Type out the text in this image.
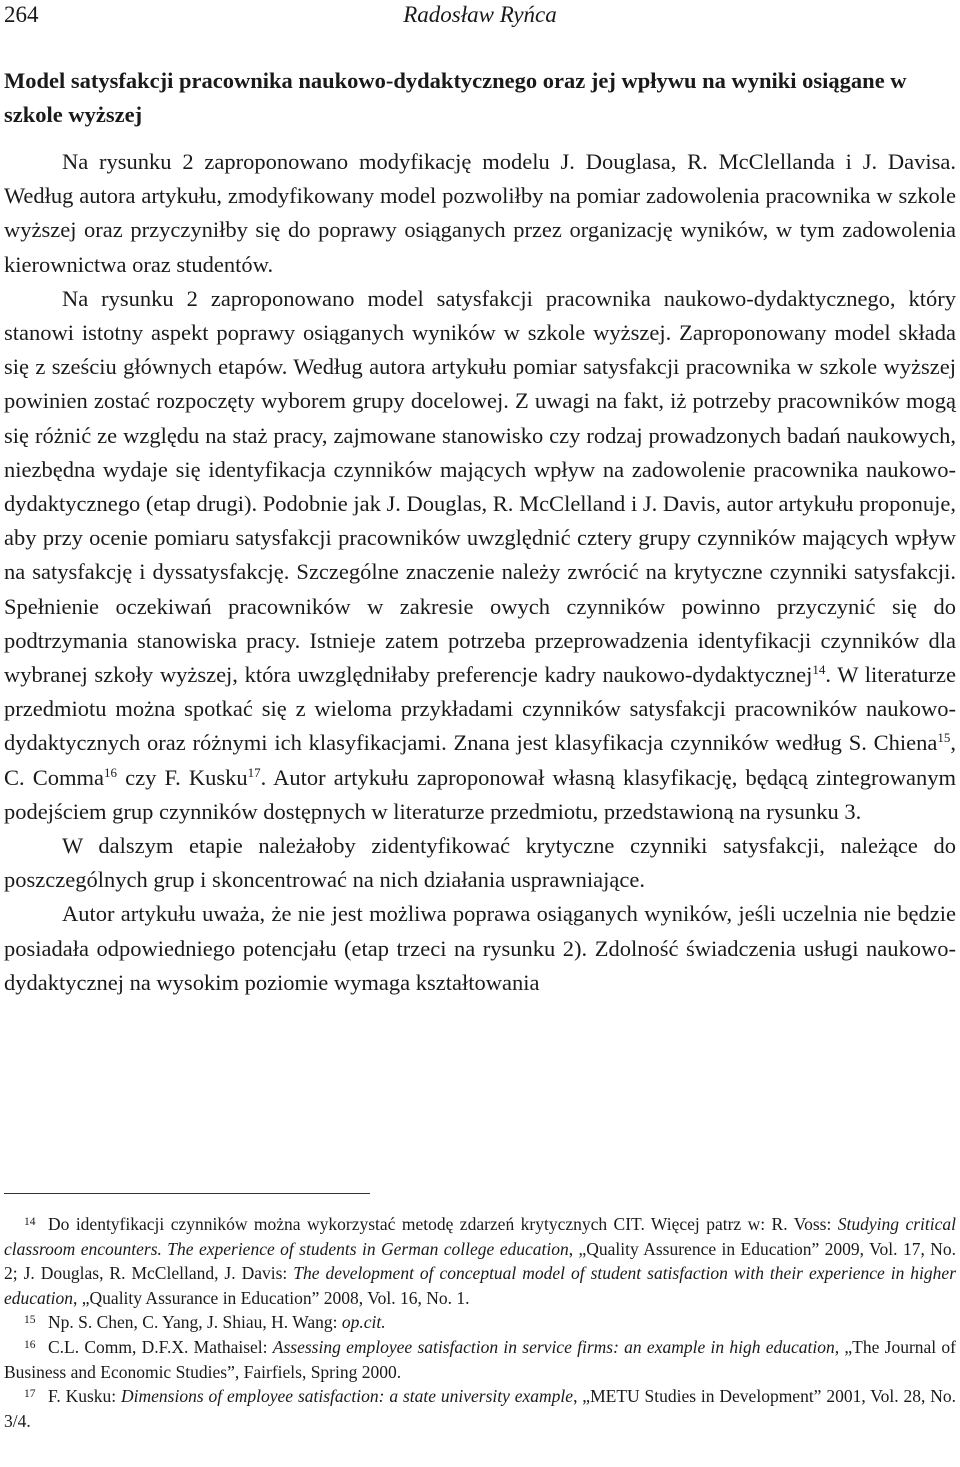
264	Radosław Ryńca
Model satysfakcji pracownika naukowo-dydaktycznego oraz jej wpływu na wyniki osiągane w szkole wyższej

Na rysunku 2 zaproponowano modyfikację modelu J. Douglasa, R. McClellanda i J. Davisa. Według autora artykułu, zmodyfikowany model pozwoliłby na pomiar zadowolenia pracownika w szkole wyższej oraz przyczyniłby się do poprawy osiąganych przez organizację wyników, w tym zadowolenia kierownictwa oraz studentów.

Na rysunku 2 zaproponowano model satysfakcji pracownika naukowo-dydaktycznego, który stanowi istotny aspekt poprawy osiąganych wyników w szkole wyższej. Zaproponowany model składa się z sześciu głównych etapów. Według autora artykułu pomiar satysfakcji pracownika w szkole wyższej powinien zostać rozpoczęty wyborem grupy docelowej. Z uwagi na fakt, iż potrzeby pracowników mogą się różnić ze względu na staż pracy, zajmowane stanowisko czy rodzaj prowadzonych badań naukowych, niezbędna wydaje się identyfikacja czynników mających wpływ na zadowolenie pracownika naukowo-dydaktycznego (etap drugi). Podobnie jak J. Douglas, R. McClelland i J. Davis, autor artykułu proponuje, aby przy ocenie pomiaru satysfakcji pracowników uwzględnić cztery grupy czynników mających wpływ na satysfakcję i dyssatysfakcję. Szczególne znaczenie należy zwrócić na krytyczne czynniki satysfakcji. Spełnienie oczekiwań pracowników w zakresie owych czynników powinno przyczynić się do podtrzymania stanowiska pracy. Istnieje zatem potrzeba przeprowadzenia identyfikacji czynników dla wybranej szkoły wyższej, która uwzględniłaby preferencje kadry naukowo-dydaktycznej$^{14}$. W literaturze przedmiotu można spotkać się z wieloma przykładami czynników satysfakcji pracowników naukowo-dydaktycznych oraz różnymi ich klasyfikacjami. Znana jest klasyfikacja czynników według S. Chiena$^{15}$, C. Comma$^{16}$ czy F. Kusku$^{17}$. Autor artykułu zaproponował własną klasyfikację, będącą zintegrowanym podejściem grup czynników dostępnych w literaturze przedmiotu, przedstawioną na rysunku 3.

W dalszym etapie należałoby zidentyfikować krytyczne czynniki satysfakcji, należące do poszczególnych grup i skoncentrować na nich działania usprawniające.

Autor artykułu uważa, że nie jest możliwa poprawa osiąganych wyników, jeśli uczelnia nie będzie posiadała odpowiedniego potencjału (etap trzeci na rysunku 2). Zdolność świadczenia usługi naukowo-dydaktycznej na wysokim poziomie wymaga kształtowania

14 Do identyfikacji czynników można wykorzystać metodę zdarzeń krytycznych CIT. Więcej patrz w: R. Voss: Studying critical classroom encounters. The experience of students in German college education, „Quality Assurence in Education” 2009, Vol. 17, No. 2; J. Douglas, R. McClelland, J. Davis: The development of conceptual model of student satisfaction with their experience in higher education, „Quality Assurance in Education” 2008, Vol. 16, No. 1.

15 Np. S. Chen, C. Yang, J. Shiau, H. Wang: op.cit.

16 C.L. Comm, D.F.X. Mathaisel: Assessing employee satisfaction in service firms: an example in high education, „The Journal of Business and Economic Studies”, Fairfiels, Spring 2000.

17 F. Kusku: Dimensions of employee satisfaction: a state university example, „METU Studies in Development” 2001, Vol. 28, No. 3/4.
